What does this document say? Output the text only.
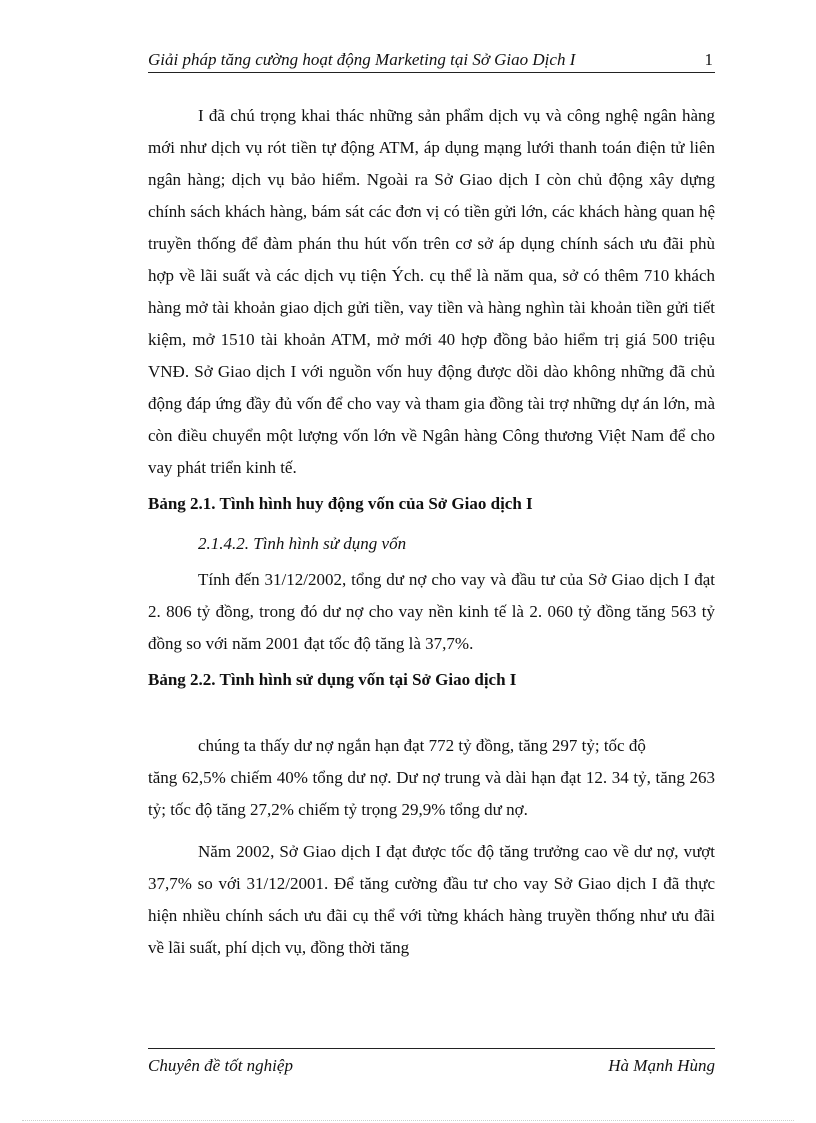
Giải pháp tăng cường hoạt động Marketing tại Sở Giao Dịch I	1

I đã chú trọng khai thác những sản phẩm dịch vụ và công nghệ ngân hàng mới như dịch vụ rót tiền tự động ATM, áp dụng mạng lưới thanh toán điện tử liên ngân hàng; dịch vụ bảo hiểm. Ngoài ra Sở Giao dịch I còn chủ động xây dựng chính sách khách hàng, bám sát các đơn vị có tiền gửi lớn, các khách hàng quan hệ truyền thống để đàm phán thu hút vốn trên cơ sở áp dụng chính sách ưu đãi phù hợp về lãi suất và các dịch vụ tiện Ých. cụ thể là năm qua, sở có thêm 710 khách hàng mở tài khoản giao dịch gửi tiền, vay tiền và hàng nghìn tài khoản tiền gửi tiết kiệm, mở 1510 tài khoản ATM, mở mới 40 hợp đồng bảo hiểm trị giá 500 triệu VNĐ. Sở Giao dịch I với nguồn vốn huy động được dồi dào không những đã chủ động đáp ứng đầy đủ vốn để cho vay và tham gia đồng tài trợ những dự án lớn, mà còn điều chuyển một lượng vốn lớn về Ngân hàng Công thương Việt Nam để cho vay phát triển kinh tế.

Bảng 2.1. Tình hình huy động vốn của Sở Giao dịch I

2.1.4.2. Tình hình sử dụng vốn

Tính đến 31/12/2002, tổng dư nợ cho vay và đầu tư của Sở Giao dịch I đạt 2. 806 tỷ đồng, trong đó dư nợ cho vay nền kinh tế là 2. 060 tỷ đồng tăng 563 tỷ đồng so với năm 2001 đạt tốc độ tăng là 37,7%.

Bảng 2.2. Tình hình sử dụng vốn tại Sở Giao dịch I

chúng ta thấy dư nợ ngắn hạn đạt 772 tỷ đồng, tăng 297 tỷ; tốc độ

tăng 62,5% chiếm 40% tổng dư nợ. Dư nợ trung và dài hạn đạt 12. 34 tỷ, tăng 263 tỷ; tốc độ tăng 27,2% chiếm tỷ trọng 29,9% tổng dư nợ.

Năm 2002, Sở Giao dịch I đạt được tốc độ tăng trưởng cao về dư nợ, vượt 37,7% so với 31/12/2001. Để tăng cường đầu tư cho vay Sở Giao dịch I đã thực hiện nhiều chính sách ưu đãi cụ thể với từng khách hàng truyền thống như ưu đãi về lãi suất, phí dịch vụ, đồng thời tăng

Chuyên đề tốt nghiệp	Hà Mạnh Hùng
